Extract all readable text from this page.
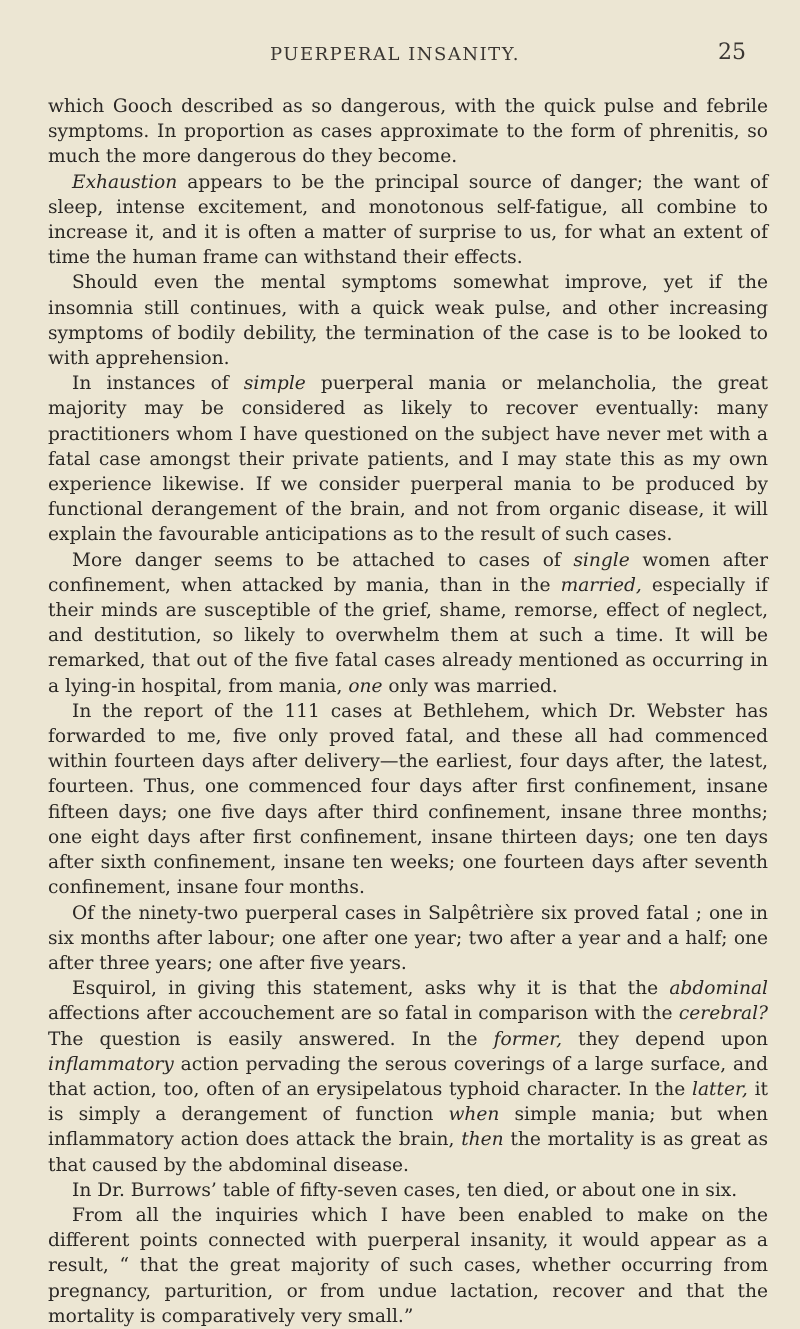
PUERPERAL INSANITY.	25

which Gooch described as so dangerous, with the quick pulse and febrile symptoms. In proportion as cases approximate to the form of phrenitis, so much the more dangerous do they become.

Exhaustion appears to be the principal source of danger; the want of sleep, intense excitement, and monotonous self-fatigue, all combine to increase it, and it is often a matter of surprise to us, for what an extent of time the human frame can withstand their effects.

Should even the mental symptoms somewhat improve, yet if the insomnia still continues, with a quick weak pulse, and other increasing symptoms of bodily debility, the termination of the case is to be looked to with apprehension.

In instances of simple puerperal mania or melancholia, the great majority may be considered as likely to recover eventually: many practitioners whom I have questioned on the subject have never met with a fatal case amongst their private patients, and I may state this as my own experience likewise. If we consider puerperal mania to be produced by functional derangement of the brain, and not from organic disease, it will explain the favourable anticipations as to the result of such cases.

More danger seems to be attached to cases of single women after confinement, when attacked by mania, than in the married, especially if their minds are susceptible of the grief, shame, remorse, effect of neglect, and destitution, so likely to overwhelm them at such a time. It will be remarked, that out of the five fatal cases already mentioned as occurring in a lying-in hospital, from mania, one only was married.

In the report of the 111 cases at Bethlehem, which Dr. Webster has forwarded to me, five only proved fatal, and these all had commenced within fourteen days after delivery—the earliest, four days after, the latest, fourteen. Thus, one commenced four days after first confinement, insane fifteen days; one five days after third confinement, insane three months; one eight days after first confinement, insane thirteen days; one ten days after sixth confinement, insane ten weeks; one fourteen days after seventh confinement, insane four months.

Of the ninety-two puerperal cases in Salpêtrière six proved fatal ; one in six months after labour; one after one year; two after a year and a half; one after three years; one after five years.

Esquirol, in giving this statement, asks why it is that the abdominal affections after accouchement are so fatal in comparison with the cerebral? The question is easily answered. In the former, they depend upon inflammatory action pervading the serous coverings of a large surface, and that action, too, often of an erysipelatous typhoid character. In the latter, it is simply a derangement of function when simple mania; but when inflammatory action does attack the brain, then the mortality is as great as that caused by the abdominal disease.

In Dr. Burrows’ table of fifty-seven cases, ten died, or about one in six.

From all the inquiries which I have been enabled to make on the different points connected with puerperal insanity, it would appear as a result, “ that the great majority of such cases, whether occurring from pregnancy, parturition, or from undue lactation, recover and that the mortality is comparatively very small.”
